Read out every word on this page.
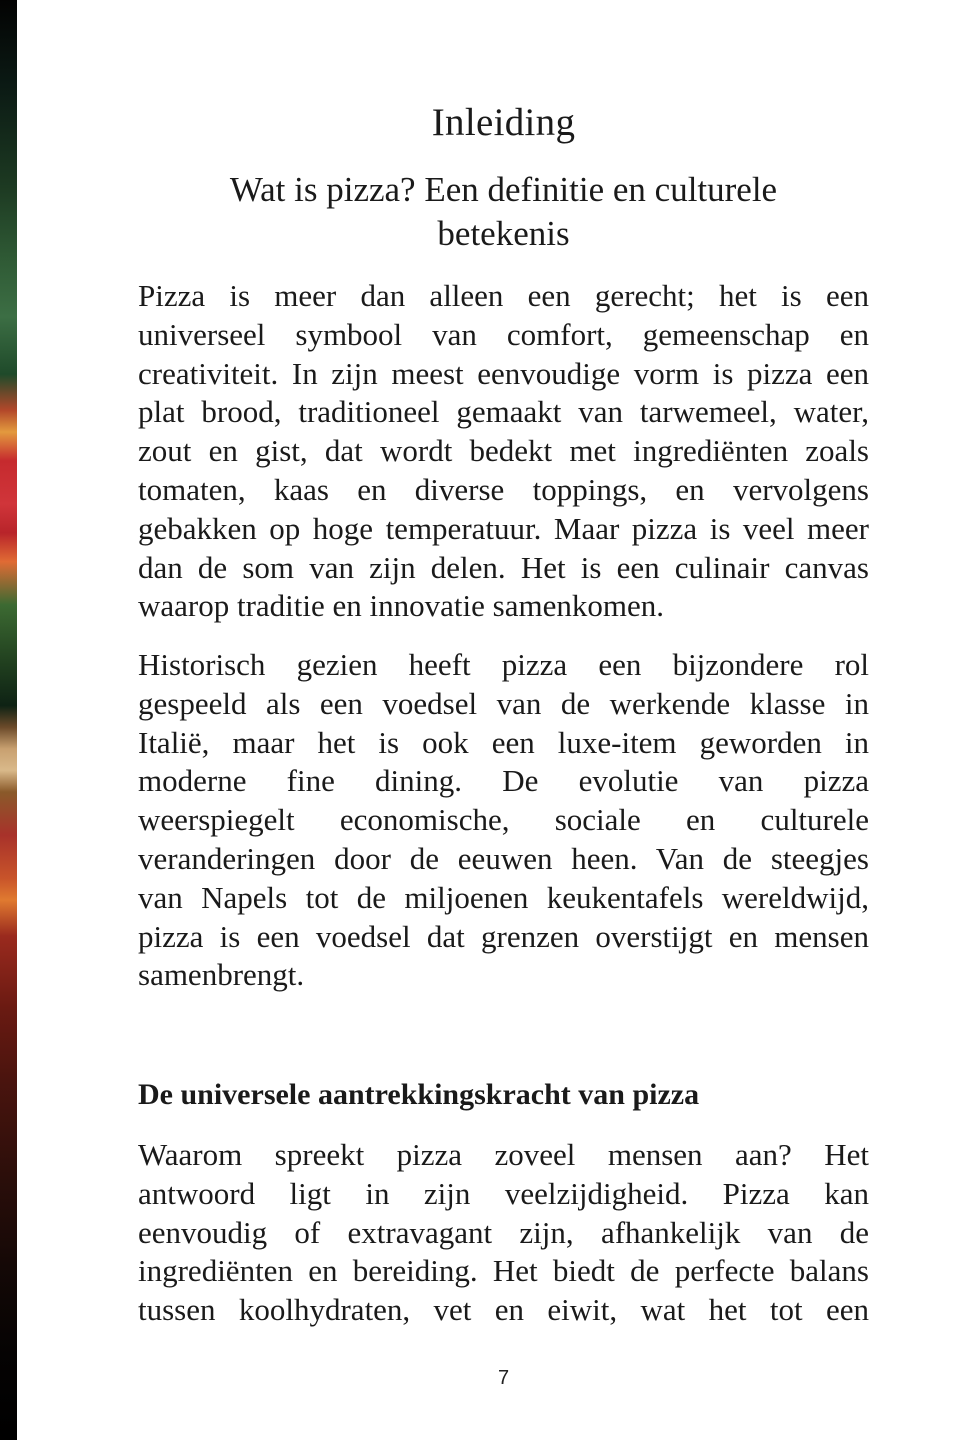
Inleiding
Wat is pizza? Een definitie en culturele
betekenis

Pizza is meer dan alleen een gerecht; het is een
universeel symbool van comfort, gemeenschap en
creativiteit. In zijn meest eenvoudige vorm is pizza een
plat brood, traditioneel gemaakt van tarwemeel, water,
zout en gist, dat wordt bedekt met ingrediënten zoals
tomaten, kaas en diverse toppings, en vervolgens
gebakken op hoge temperatuur. Maar pizza is veel meer
dan de som van zijn delen. Het is een culinair canvas
waarop traditie en innovatie samenkomen.

Historisch gezien heeft pizza een bijzondere rol
gespeeld als een voedsel van de werkende klasse in
Italië, maar het is ook een luxe-item geworden in
moderne fine dining. De evolutie van pizza
weerspiegelt economische, sociale en culturele
veranderingen door de eeuwen heen. Van de steegjes
van Napels tot de miljoenen keukentafels wereldwijd,
pizza is een voedsel dat grenzen overstijgt en mensen
samenbrengt.

De universele aantrekkingskracht van pizza

Waarom spreekt pizza zoveel mensen aan? Het
antwoord ligt in zijn veelzijdigheid. Pizza kan
eenvoudig of extravagant zijn, afhankelijk van de
ingrediënten en bereiding. Het biedt de perfecte balans
tussen koolhydraten, vet en eiwit, wat het tot een

7
